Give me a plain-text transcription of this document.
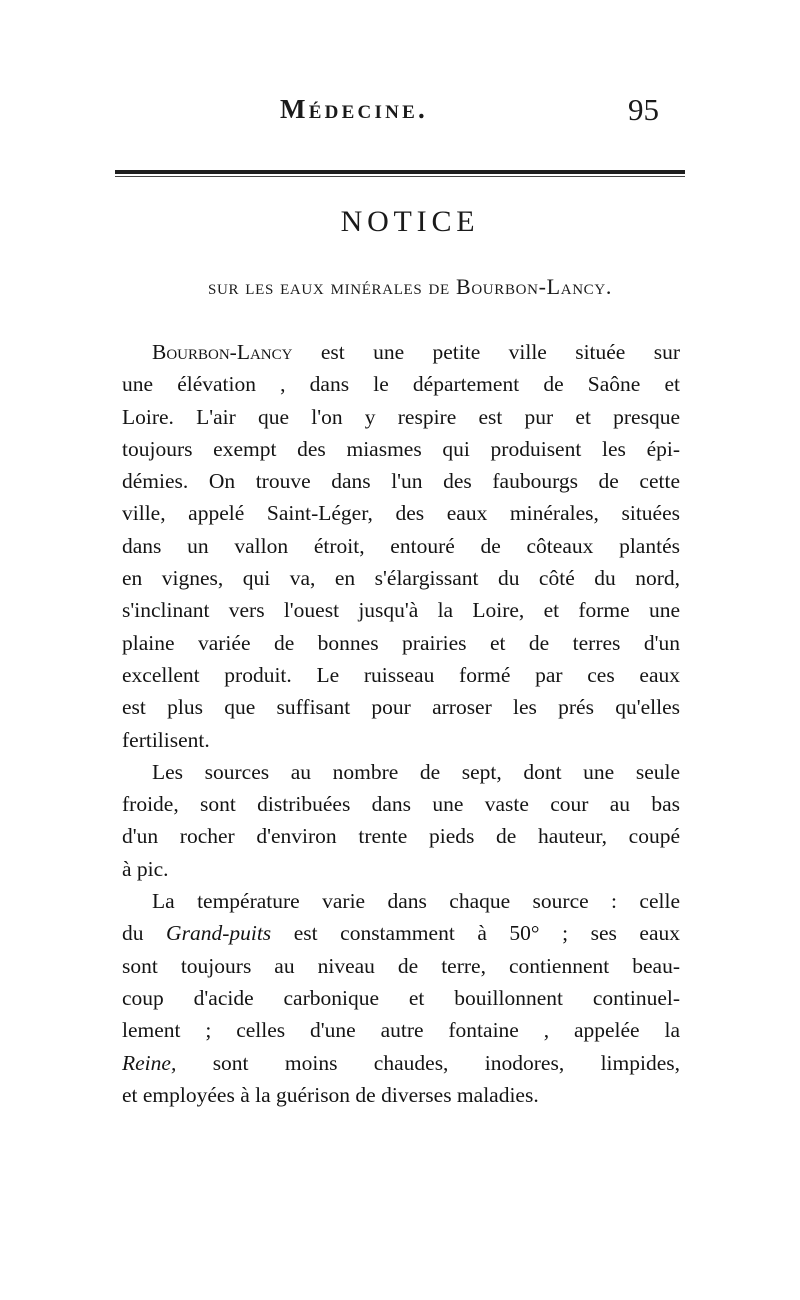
Médecine.	95
NOTICE
sur les eaux minérales de Bourbon-Lancy.
Bourbon-Lancy est une petite ville située sur
une élévation , dans le département de Saône et
Loire. L'air que l'on y respire est pur et presque
toujours exempt des miasmes qui produisent les épi-
démies. On trouve dans l'un des faubourgs de cette
ville, appelé Saint-Léger, des eaux minérales, situées
dans un vallon étroit, entouré de côteaux plantés
en vignes, qui va, en s'élargissant du côté du nord,
s'inclinant vers l'ouest jusqu'à la Loire, et forme une
plaine variée de bonnes prairies et de terres d'un
excellent produit. Le ruisseau formé par ces eaux
est plus que suffisant pour arroser les prés qu'elles
fertilisent.
Les sources au nombre de sept, dont une seule
froide, sont distribuées dans une vaste cour au bas
d'un rocher d'environ trente pieds de hauteur, coupé
à pic.
La température varie dans chaque source : celle
du Grand-puits est constamment à 50° ; ses eaux
sont toujours au niveau de terre, contiennent beau-
coup d'acide carbonique et bouillonnent continuel-
lement ; celles d'une autre fontaine , appelée la
Reine, sont moins chaudes, inodores, limpides,
et employées à la guérison de diverses maladies.
